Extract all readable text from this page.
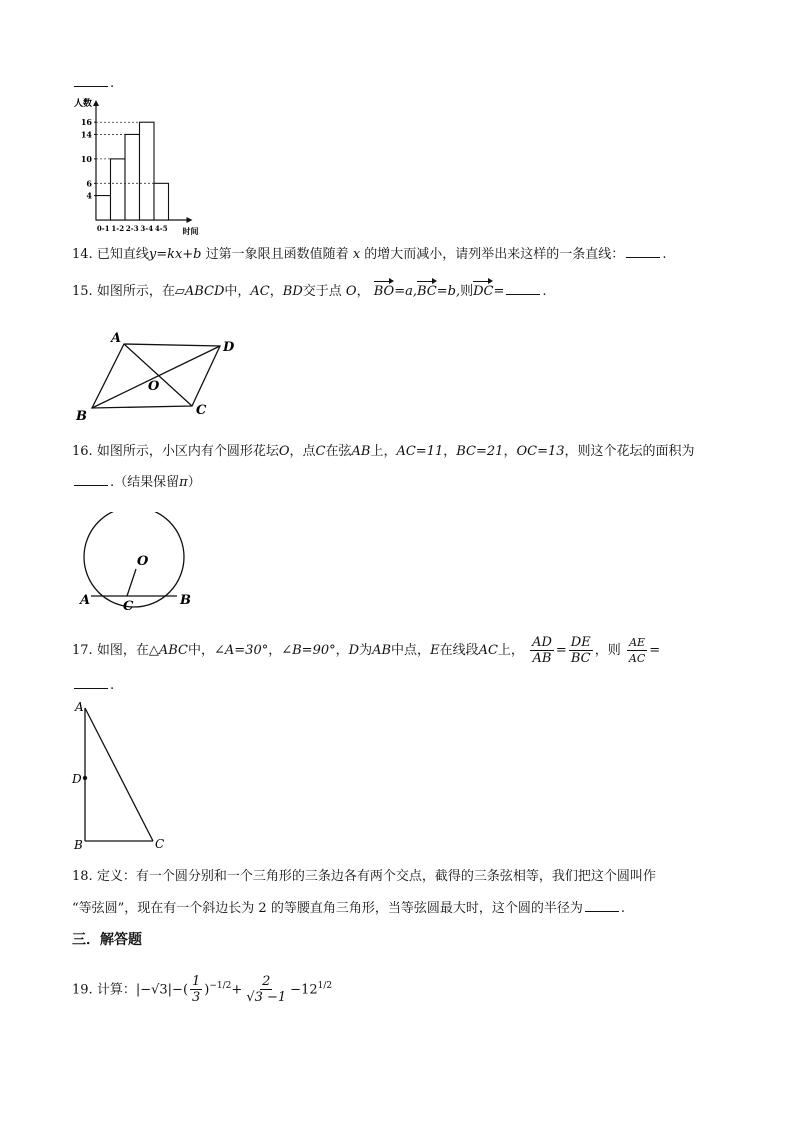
.
人数
时间
0-1 1-2 2-3 3-4 4-5
4
6
10
14
16
14. 已知直线y=kx+b 过第一象限且函数值随着 x 的增大而减小，请列举出来这样的一条直线：	.
15. 如图所示，在▱ABCD中，AC，BD交于点 O， BO=a,BC=b,则DC=	.
A
D
O
B	C
16. 如图所示，小区内有个圆形花坛O，点C在弦AB上，AC=11，BC=21，OC=13，则这个花坛的面积为
.（结果保留π）
O
A	B
C
17. 如图，在△ABC中，∠A=30°，∠B=90°，D为AB中点，E在线段AC上， $\frac{AD}{AB} = \frac{DE}{BC}$ ，则 $\frac{AE}{AC}$ =
.
A
D
B	C
18. 定义：有一个圆分别和一个三角形的三条边各有两个交点，截得的三条弦相等，我们把这个圆叫作
“等弦圆”，现在有一个斜边长为 2 的等腰直角三角形，当等弦圆最大时，这个圆的半径为	.
三．解答题
19. 计算：$|-√3|-( \frac{1}{3} )^{-1/2}+ \frac{2}{√3 -1} -12^{1/2}$
